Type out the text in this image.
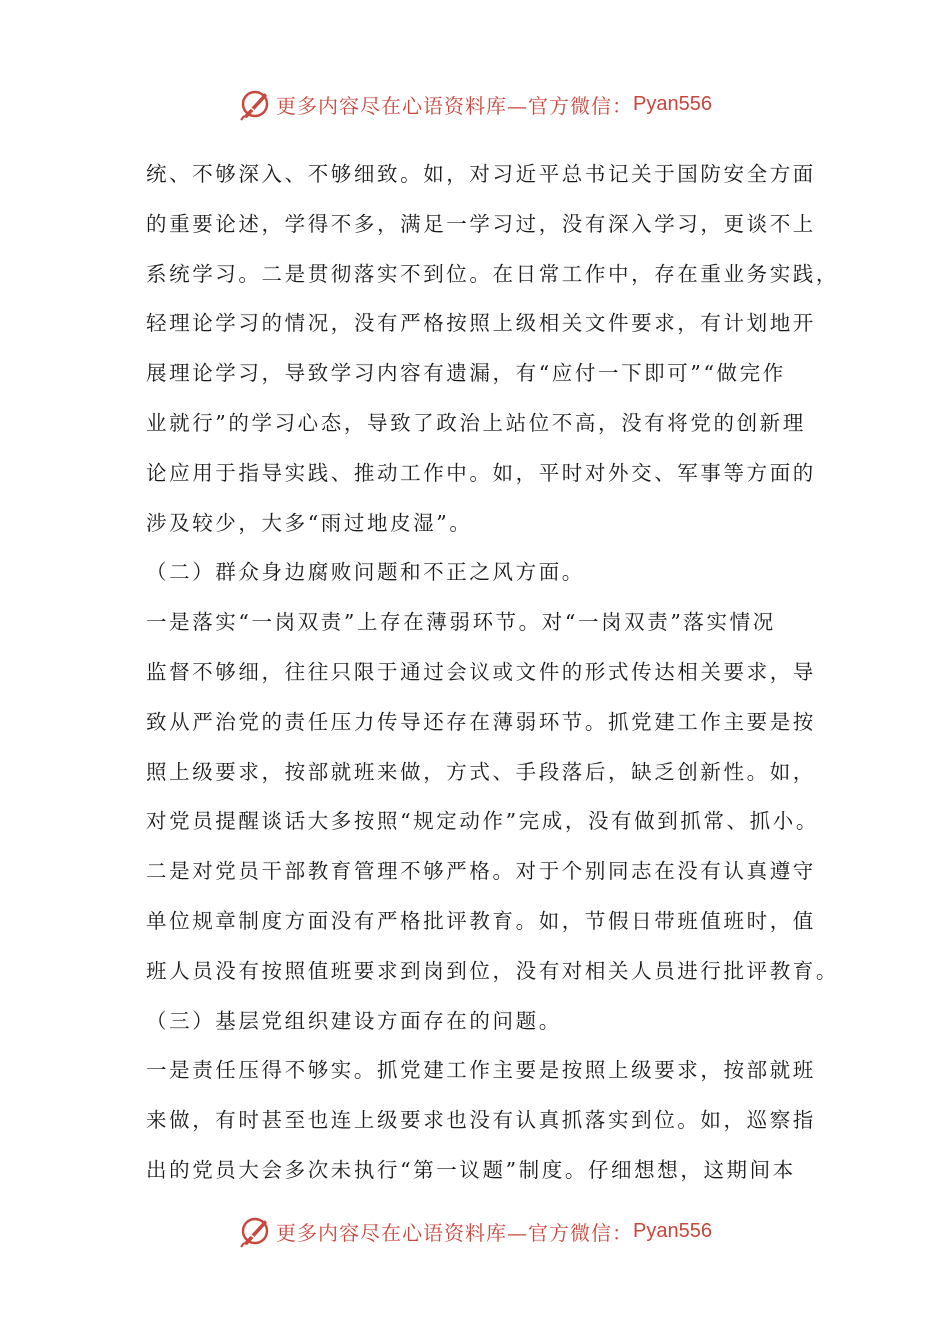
更多内容尽在心语资料库—官方微信： Pyan556
统、不够深入、不够细致。如，对习近平总书记关于国防安全方面
的重要论述，学得不多，满足一学习过，没有深入学习，更谈不上
系统学习。二是贯彻落实不到位。在日常工作中，存在重业务实践，
轻理论学习的情况，没有严格按照上级相关文件要求，有计划地开
展理论学习，导致学习内容有遗漏，有“应付一下即可”“做完作
业就行”的学习心态，导致了政治上站位不高，没有将党的创新理
论应用于指导实践、推动工作中。如，平时对外交、军事等方面的
涉及较少，大多“雨过地皮湿”。
（二）群众身边腐败问题和不正之风方面。
一是落实“一岗双责”上存在薄弱环节。对“一岗双责”落实情况
监督不够细，往往只限于通过会议或文件的形式传达相关要求，导
致从严治党的责任压力传导还存在薄弱环节。抓党建工作主要是按
照上级要求，按部就班来做，方式、手段落后，缺乏创新性。如，
对党员提醒谈话大多按照“规定动作”完成，没有做到抓常、抓小。
二是对党员干部教育管理不够严格。对于个别同志在没有认真遵守
单位规章制度方面没有严格批评教育。如，节假日带班值班时，值
班人员没有按照值班要求到岗到位，没有对相关人员进行批评教育。
（三）基层党组织建设方面存在的问题。
一是责任压得不够实。抓党建工作主要是按照上级要求，按部就班
来做，有时甚至也连上级要求也没有认真抓落实到位。如，巡察指
出的党员大会多次未执行“第一议题”制度。仔细想想，这期间本
更多内容尽在心语资料库—官方微信： Pyan556
